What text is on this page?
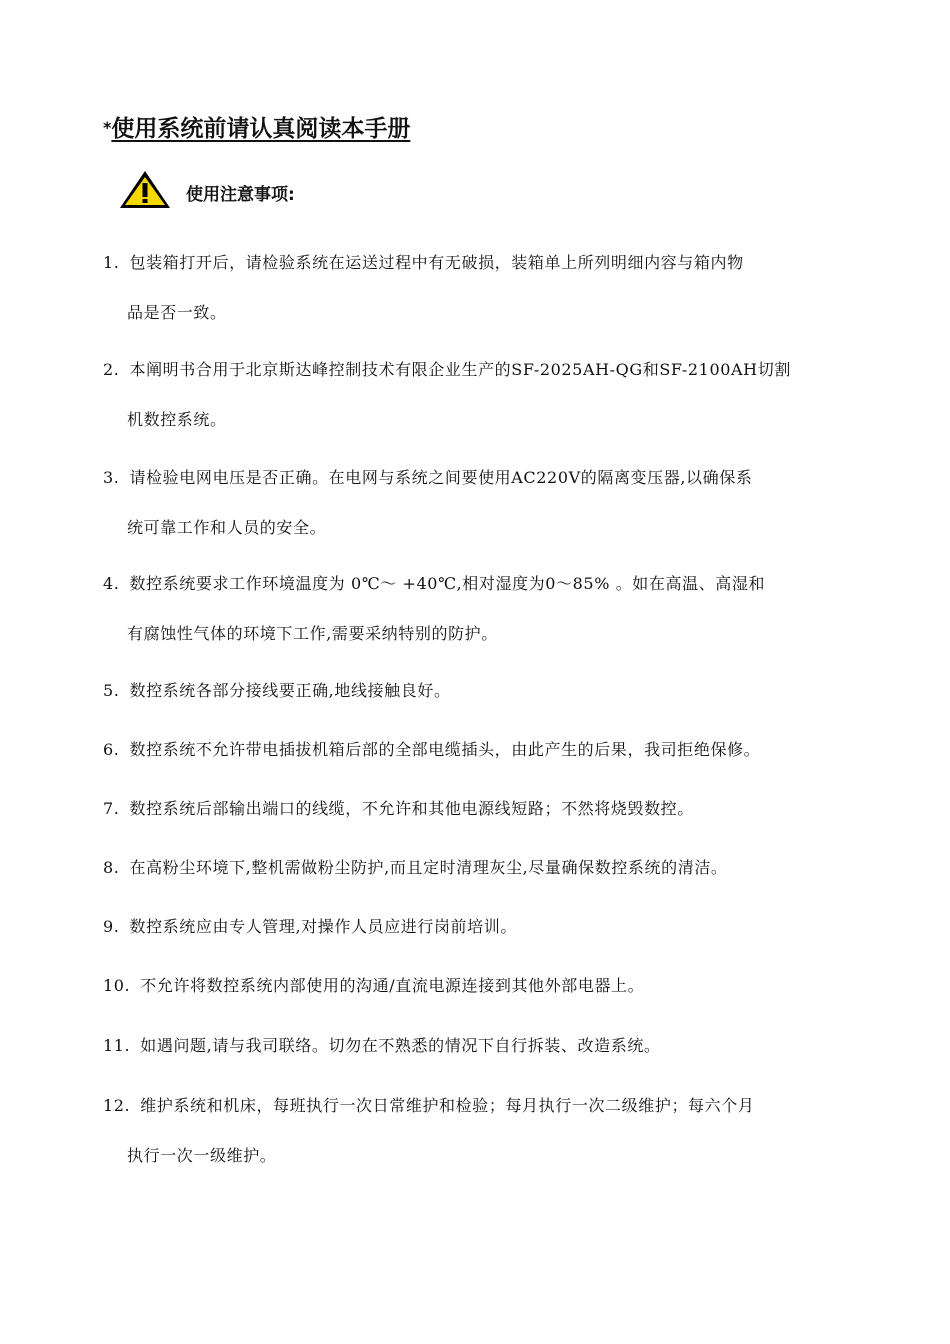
*使用系统前请认真阅读本手册
使用注意事项:
1. 包装箱打开后，请检验系统在运送过程中有无破损，装箱单上所列明细内容与箱内物
品是否一致。
2. 本阐明书合用于北京斯达峰控制技术有限企业生产的SF-2025AH-QG和SF-2100AH切割
机数控系统。
3. 请检验电网电压是否正确。在电网与系统之间要使用AC220V的隔离变压器,以确保系
统可靠工作和人员的安全。
4. 数控系统要求工作环境温度为 0℃～ +40℃,相对湿度为0～85% 。如在高温、高湿和
有腐蚀性气体的环境下工作,需要采纳特别的防护。
5. 数控系统各部分接线要正确,地线接触良好。
6. 数控系统不允许带电插拔机箱后部的全部电缆插头，由此产生的后果，我司拒绝保修。
7. 数控系统后部输出端口的线缆，不允许和其他电源线短路；不然将烧毁数控。
8. 在高粉尘环境下,整机需做粉尘防护,而且定时清理灰尘,尽量确保数控系统的清洁。
9. 数控系统应由专人管理,对操作人员应进行岗前培训。
10. 不允许将数控系统内部使用的沟通/直流电源连接到其他外部电器上。
11. 如遇问题,请与我司联络。切勿在不熟悉的情况下自行拆装、改造系统。
12. 维护系统和机床，每班执行一次日常维护和检验；每月执行一次二级维护；每六个月
执行一次一级维护。
